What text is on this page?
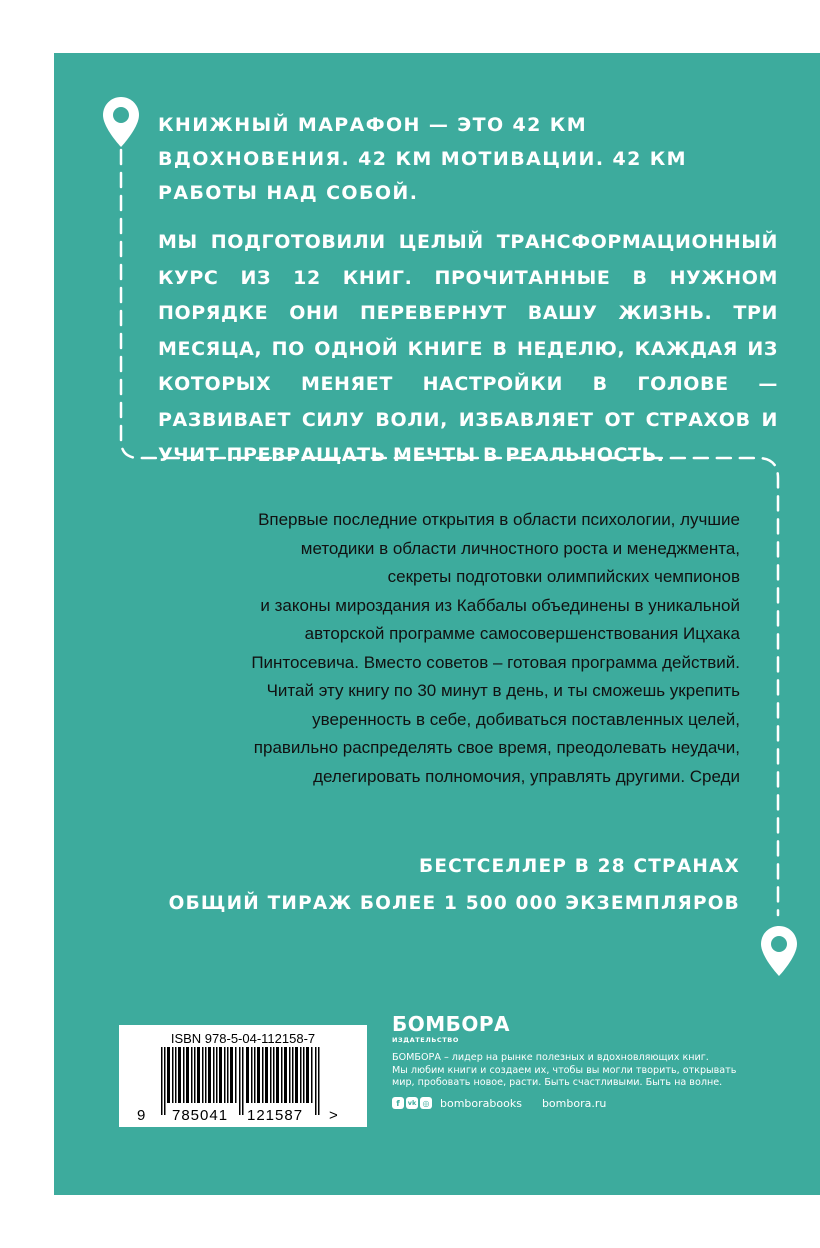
КНИЖНЫЙ МАРАФОН — ЭТО 42 КМ ВДОХНОВЕНИЯ. 42 КМ МОТИВАЦИИ. 42 КМ РАБОТЫ НАД СОБОЙ.

МЫ ПОДГОТОВИЛИ ЦЕЛЫЙ ТРАНСФОРМАЦИОННЫЙ КУРС ИЗ 12 КНИГ. ПРОЧИТАННЫЕ В НУЖНОМ ПОРЯДКЕ ОНИ ПЕРЕВЕРНУТ ВАШУ ЖИЗНЬ. ТРИ МЕСЯЦА, ПО ОДНОЙ КНИГЕ В НЕДЕЛЮ, КАЖДАЯ ИЗ КОТОРЫХ МЕНЯЕТ НАСТРОЙКИ В ГОЛОВЕ — РАЗВИВАЕТ СИЛУ ВОЛИ, ИЗБАВЛЯЕТ ОТ СТРАХОВ И УЧИТ ПРЕВРАЩАТЬ МЕЧТЫ В РЕАЛЬНОСТЬ.

Впервые последние открытия в области психологии, лучшие
методики в области личностного роста и менеджмента,
секреты подготовки олимпийских чемпионов
и законы мироздания из Каббалы объединены в уникальной
авторской программе самосовершенствования Ицхака
Пинтосевича. Вместо советов – готовая программа действий.
Читай эту книгу по 30 минут в день, и ты сможешь укрепить
уверенность в себе, добиваться поставленных целей,
правильно распределять свое время, преодолевать неудачи,
делегировать полномочия, управлять другими. Среди
БЕСТСЕЛЛЕР В 28 СТРАНАХ
ОБЩИЙ ТИРАЖ БОЛЕЕ 1 500 000 ЭКЗЕМПЛЯРОВ
ISBN 978-5-04-112158-7
9 785041 121587 >
БОМБОРА
ИЗДАТЕЛЬСТВО
БОМБОРА – лидер на рынке полезных и вдохновляющих книг.
Мы любим книги и создаем их, чтобы вы могли творить, открывать
мир, пробовать новое, расти. Быть счастливыми. Быть на волне.
f	vk ◎ bomborabooks bombora.ru
